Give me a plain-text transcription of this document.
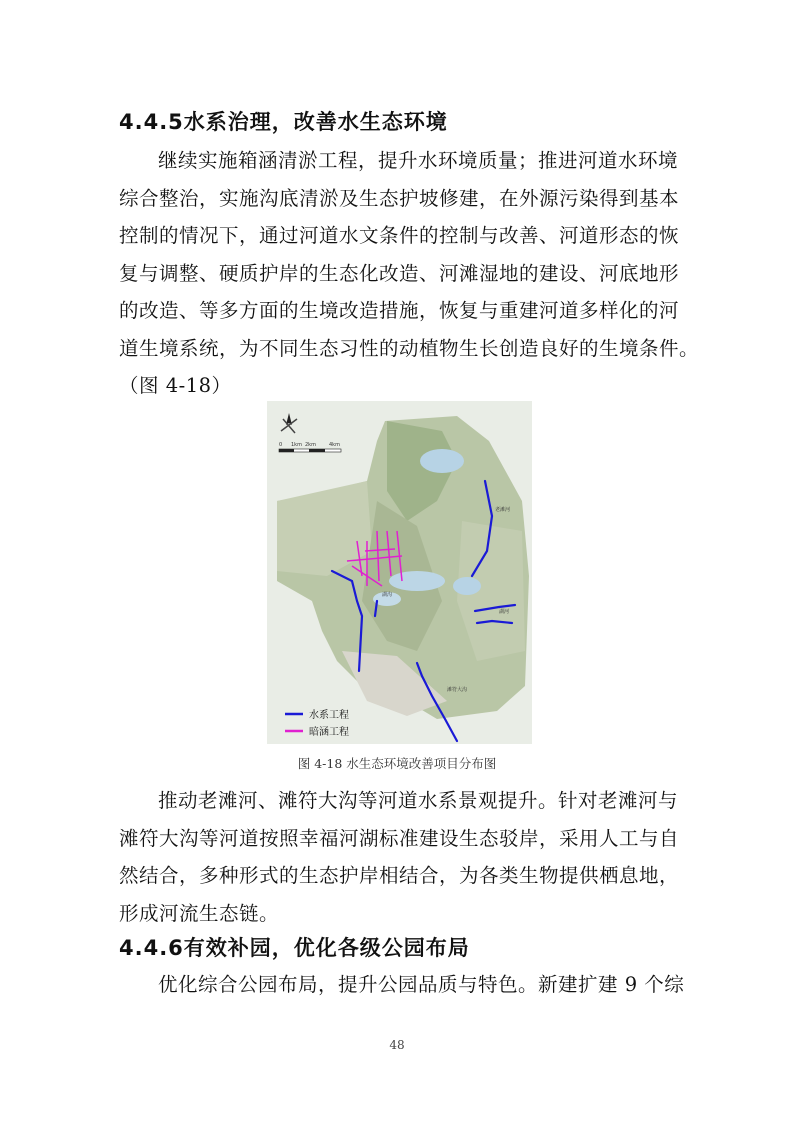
4.4.5水系治理，改善水生态环境
继续实施箱涵清淤工程，提升水环境质量；推进河道水环境
综合整治，实施沟底清淤及生态护坡修建，在外源污染得到基本
控制的情况下，通过河道水文条件的控制与改善、河道形态的恢
复与调整、硬质护岸的生态化改造、河滩湿地的建设、河底地形
的改造、等多方面的生境改造措施，恢复与重建河道多样化的河
道生境系统，为不同生态习性的动植物生长创造良好的生境条件。
（图 4-18）
0 1km 2km	4km
老滩河
湖沟
湖河
滩符大沟
水系工程
暗涵工程
图 4-18 水生态环境改善项目分布图
推动老滩河、滩符大沟等河道水系景观提升。针对老滩河与
滩符大沟等河道按照幸福河湖标准建设生态驳岸，采用人工与自
然结合，多种形式的生态护岸相结合，为各类生物提供栖息地，
形成河流生态链。
4.4.6有效补园，优化各级公园布局
优化综合公园布局，提升公园品质与特色。新建扩建 9 个综
48
